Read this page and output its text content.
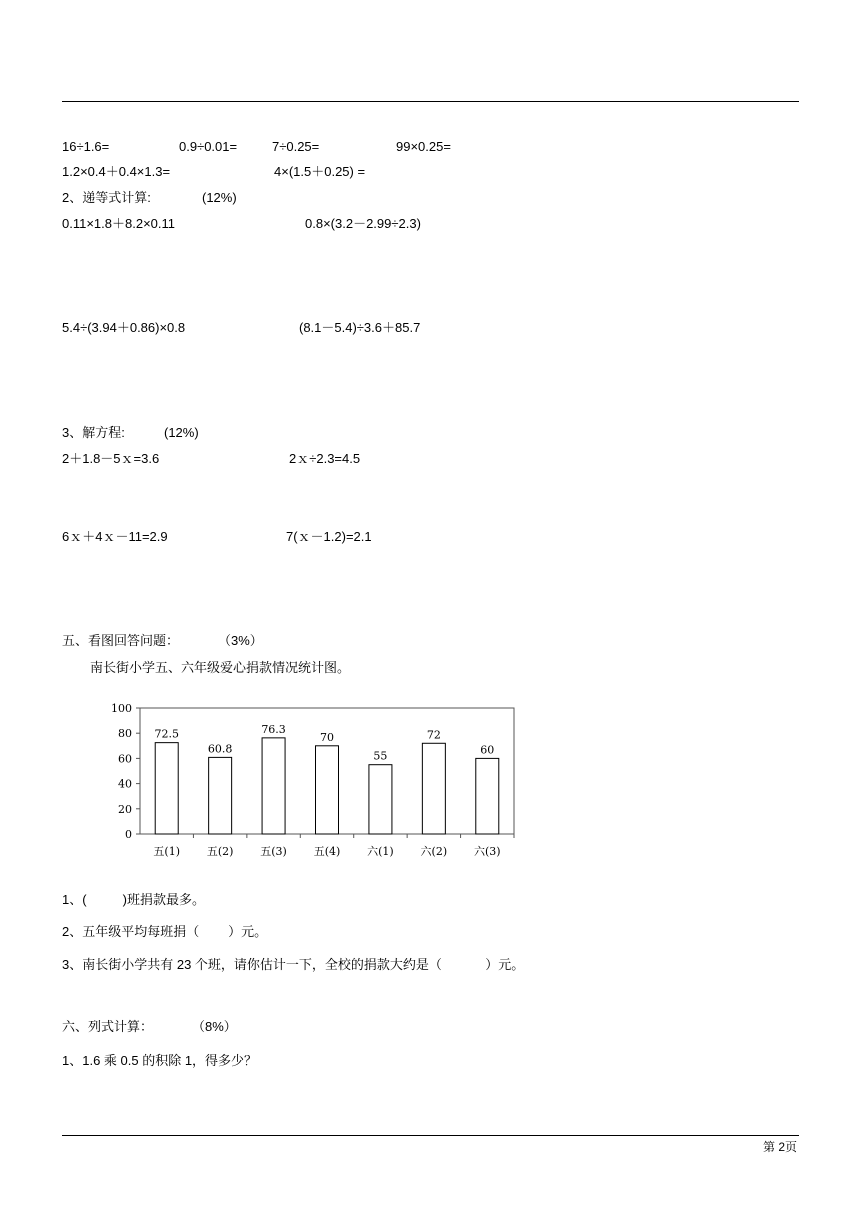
16÷1.6=	0.9÷0.01=	7÷0.25=	99×0.25=
1.2×0.4＋0.4×1.3=	4×(1.5＋0.25) =
2、递等式计算:	(12%)
0.11×1.8＋8.2×0.11	0.8×(3.2－2.99÷2.3)
5.4÷(3.94＋0.86)×0.8	(8.1－5.4)÷3.6＋85.7
3、解方程:	(12%)
2＋1.8－5ｘ=3.6	2ｘ÷2.3=4.5
6ｘ＋4ｘ－11=2.9	7(ｘ－1.2)=2.1
五、看图回答问题：	（3%）
南长街小学五、六年级爱心捐款情况统计图。
0
20
40
60
80
100
72.5
五(1)
60.8
五(2)
76.3
五(3)
70
五(4)
55
六(1)
72
六(2)
60
六(3)
1、(          )班捐款最多。
2、五年级平均每班捐（        ）元。
3、南长街小学共有 23 个班，请你估计一下，全校的捐款大约是（            ）元。
六、列式计算：	（8%）
1、1.6 乘 0.5 的积除 1，得多少？
第 2页
